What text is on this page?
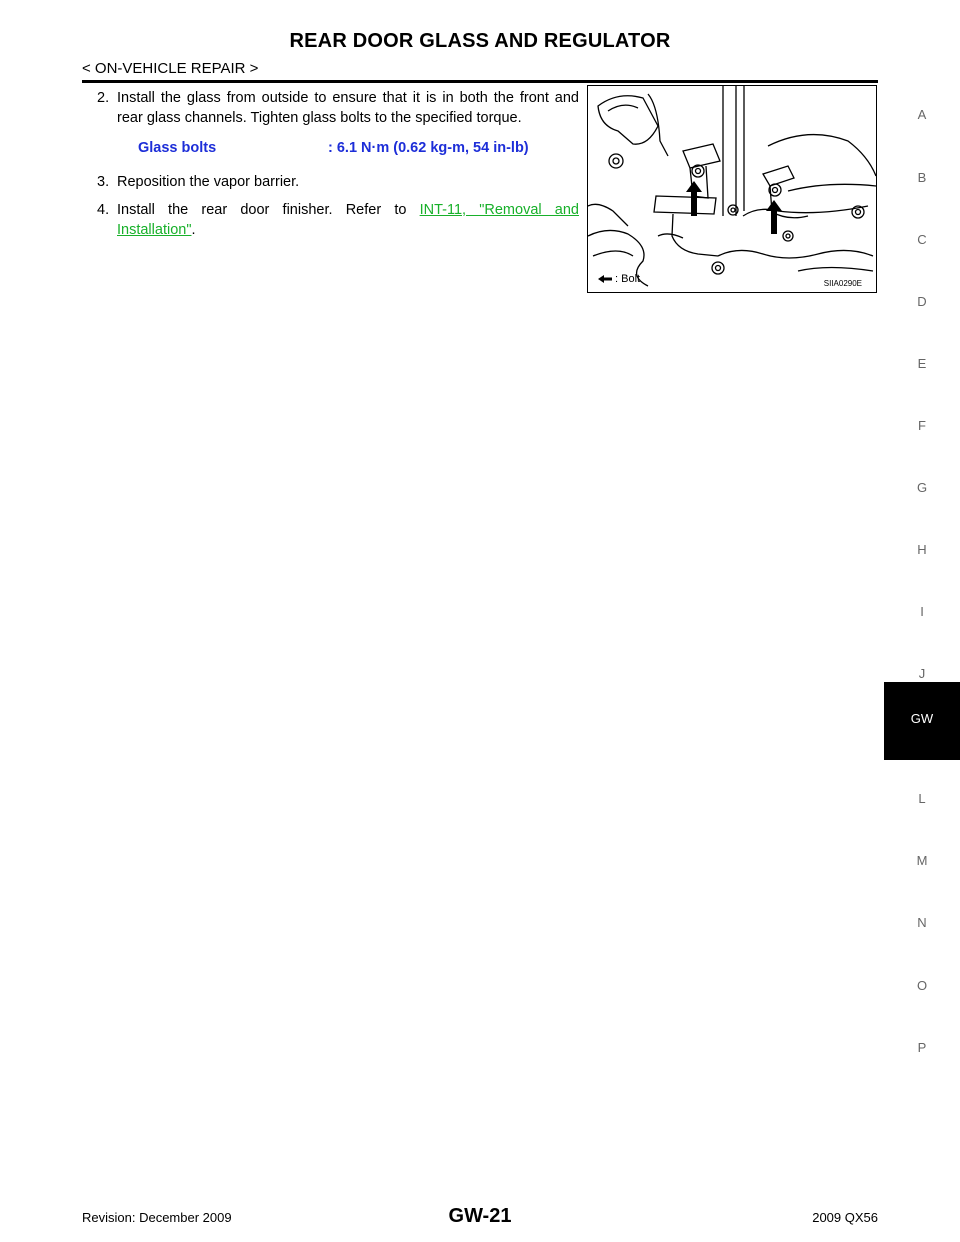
REAR DOOR GLASS AND REGULATOR
< ON-VEHICLE REPAIR >
2. Install the glass from outside to ensure that it is in both the front and rear glass channels. Tighten glass bolts to the specified torque.
Glass bolts	: 6.1 N·m (0.62 kg-m, 54 in-lb)
3. Reposition the vapor barrier.
4. Install the rear door finisher. Refer to INT-11, "Removal and Installation".
: Bolt	SIIA0290E
A
B
C
D
E
F
G
H
I
J
GW
L
M
N
O
P
Revision: December 2009	GW-21	2009 QX56
